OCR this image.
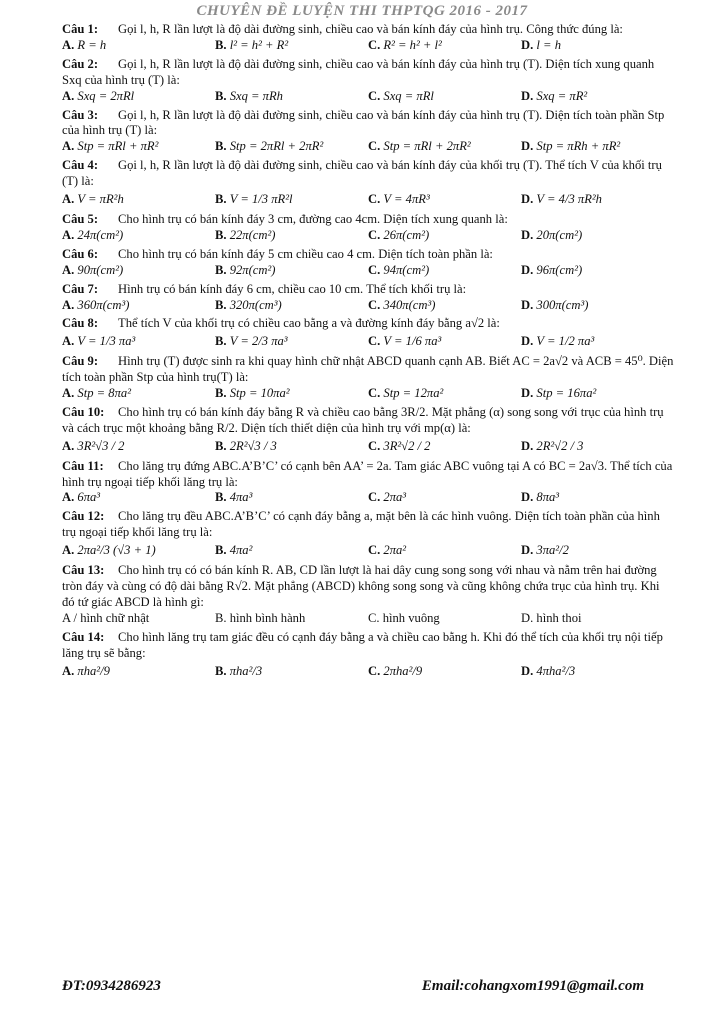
CHUYÊN ĐỀ LUYỆN THI THPTQG 2016 - 2017
Câu 1: Gọi l, h, R lần lượt là độ dài đường sinh, chiều cao và bán kính đáy của hình trụ. Công thức đúng là:
A. R = h	B. l² = h² + R²	C. R² = h² + l²	D. l = h
Câu 2: Gọi l, h, R lần lượt là độ dài đường sinh, chiều cao và bán kính đáy của hình trụ (T). Diện tích xung quanh Sxq của hình trụ (T) là:
A. Sxq = 2πRl	B. Sxq = πRh	C. Sxq = πRl	D. Sxq = πR²
Câu 3: Gọi l, h, R lần lượt là độ dài đường sinh, chiều cao và bán kính đáy của hình trụ (T). Diện tích toàn phần Stp của hình trụ (T) là:
A. Stp = πRl + πR²	B. Stp = 2πRl + 2πR²	C. Stp = πRl + 2πR²	D. Stp = πRh + πR²
Câu 4: Gọi l, h, R lần lượt là độ dài đường sinh, chiều cao và bán kính đáy của khối trụ (T). Thể tích V của khối trụ (T) là:
A. V = πR²h	B. V = 1/3 πR²l	C. V = 4πR³	D. V = 4/3 πR²h
Câu 5: Cho hình trụ có bán kính đáy 3 cm, đường cao 4cm. Diện tích xung quanh là:
A. 24π(cm²)	B. 22π(cm²)	C. 26π(cm²)	D. 20π(cm²)
Câu 6: Cho hình trụ có bán kính đáy 5 cm chiều cao 4 cm. Diện tích toàn phần là:
A. 90π(cm²)	B. 92π(cm²)	C. 94π(cm²)	D. 96π(cm²)
Câu 7: Hình trụ có bán kính đáy 6 cm, chiều cao 10 cm. Thể tích khối trụ là:
A. 360π(cm³)	B. 320π(cm³)	C. 340π(cm³)	D. 300π(cm³)
Câu 8: Thể tích V của khối trụ có chiều cao bằng a và đường kính đáy bằng a√2 là:
A. V = 1/3 πa³	B. V = 2/3 πa³	C. V = 1/6 πa³	D. V = 1/2 πa³
Câu 9: Hình trụ (T) được sinh ra khi quay hình chữ nhật ABCD quanh cạnh AB. Biết AC = 2a√2 và ACB = 45⁰. Diện tích toàn phần Stp của hình trụ(T) là:
A. Stp = 8πa²	B. Stp = 10πa²	C. Stp = 12πa²	D. Stp = 16πa²
Câu 10: Cho hình trụ có bán kính đáy bằng R và chiều cao bằng 3R/2. Mặt phẳng (α) song song với trục của hình trụ và cách trục một khoảng bằng R/2. Diện tích thiết diện của hình trụ với mp(α) là:
A. 3R²√3 / 2	B. 2R²√3 / 3	C. 3R²√2 / 2	D. 2R²√2 / 3
Câu 11: Cho lăng trụ đứng ABC.A’B’C’ có cạnh bên AA’ = 2a. Tam giác ABC vuông tại A có BC = 2a√3. Thể tích của hình trụ ngoại tiếp khối lăng trụ là:
A. 6πa³	B. 4πa³	C. 2πa³	D. 8πa³
Câu 12: Cho lăng trụ đều ABC.A’B’C’ có cạnh đáy bằng a, mặt bên là các hình vuông. Diện tích toàn phần của hình trụ ngoại tiếp khối lăng trụ là:
A. 2πa²/3 (√3 + 1)	B. 4πa²	C. 2πa²	D. 3πa²/2
Câu 13: Cho hình trụ có có bán kính R. AB, CD lần lượt là hai dây cung song song với nhau và nằm trên hai đường tròn đáy và cùng có độ dài bằng R√2. Mặt phẳng (ABCD) không song song và cũng không chứa trục của hình trụ. Khi đó tứ giác ABCD là hình gì:
A / hình chữ nhật	B. hình bình hành	C. hình vuông	D. hình thoi
Câu 14: Cho hình lăng trụ tam giác đều có cạnh đáy bằng a và chiều cao bằng h. Khi đó thể tích của khối trụ nội tiếp lăng trụ sẽ bằng:
A. πha²/9	B. πha²/3	C. 2πha²/9	D. 4πha²/3
ĐT:0934286923	Email:cohangxom1991@gmail.com
